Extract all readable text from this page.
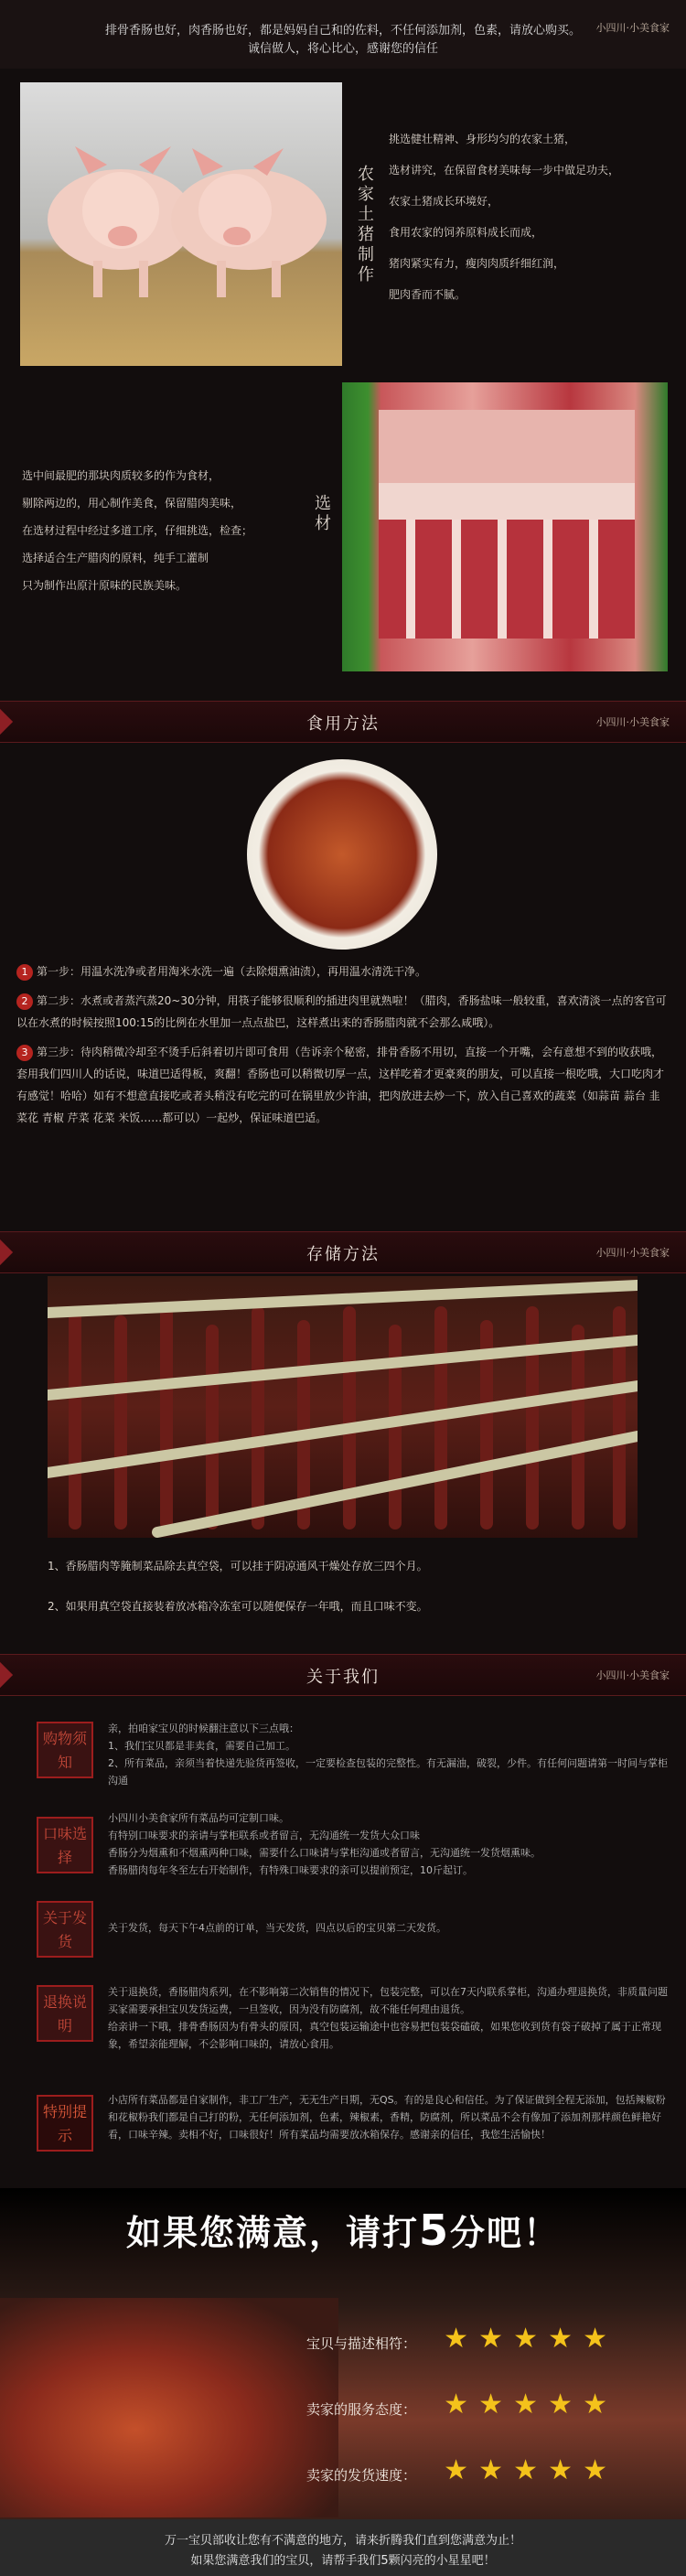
排骨香肠也好，肉香肠也好，都是妈妈自己和的佐料，不任何添加剂，色素，请放心购买。
诚信做人，将心比心，感谢您的信任
小四川·小美食家
农家土猪制作
挑选健壮精神、身形均匀的农家土猪，
选材讲究，在保留食材美味每一步中做足功夫，
农家土猪成长环境好，
食用农家的饲养原料成长而成，
猪肉紧实有力，瘦肉肉质纤细红润，
肥肉香而不腻。
选中间最肥的那块肉质较多的作为食材，
剔除两边的，用心制作美食，保留腊肉美味，
在选材过程中经过多道工序，仔细挑选，检查；
选择适合生产腊肉的原料，纯手工灌制
只为制作出原汁原味的民族美味。
选材
食用方法	小四川·小美食家
1 第一步：用温水洗净或者用淘米水洗一遍（去除烟熏油渍），再用温水清洗干净。
2 第二步：水煮或者蒸汽蒸20~30分钟，用筷子能够很顺利的插进肉里就熟啦！（腊肉，香肠盐味一般较重，喜欢清淡一点的客官可以在水煮的时候按照100:15的比例在水里加一点点盐巴，这样煮出来的香肠腊肉就不会那么咸哦）。
3 第三步：待肉稍微冷却至不烫手后斜着切片即可食用（告诉亲个秘密，排骨香肠不用切，直接一个开嘴，会有意想不到的收获哦，套用我们四川人的话说，味道巴适得板，爽翻！香肠也可以稍微切厚一点，这样吃着才更豪爽的朋友，可以直接一根吃哦，大口吃肉才有感觉！哈哈）如有不想意直接吃或者头稍没有吃完的可在锅里放少许油，把肉放进去炒一下，放入自己喜欢的蔬菜（如蒜苗 蒜台 韭菜花 青椒 芹菜 花菜 米饭……都可以）一起炒，保证味道巴适。
存储方法	小四川·小美食家
1、香肠腊肉等腌制菜品除去真空袋，可以挂于阴凉通风干燥处存放三四个月。
2、如果用真空袋直接装着放冰箱冷冻室可以随便保存一年哦，而且口味不变。
关于我们	小四川·小美食家
购物须知
亲，拍咱家宝贝的时候翻注意以下三点哦：
1、我们宝贝都是非卖食，需要自己加工。
2、所有菜品，亲须当着快递先验货再签收，一定要检查包装的完整性。有无漏油，破裂，少件。有任何问题请第一时间与掌柜沟通
口味选择
小四川小美食家所有菜品均可定制口味。
有特别口味要求的亲请与掌柜联系或者留言，无沟通统一发货大众口味
香肠分为烟熏和不烟熏两种口味，需要什么口味请与掌柜沟通或者留言，无沟通统一发货烟熏味。
香肠腊肉每年冬至左右开始制作，有特殊口味要求的亲可以提前预定，10斤起订。
关于发货
关于发货，每天下午4点前的订单，当天发货，四点以后的宝贝第二天发货。
退换说明
关于退换货，香肠腊肉系列，在不影响第二次销售的情况下，包装完整，可以在7天内联系掌柜，沟通办理退换货，非质量问题买家需要承担宝贝发货运费，一旦签收，因为没有防腐剂，故不能任何理由退货。
给亲讲一下哦，排骨香肠因为有骨头的原因，真空包装运输途中也容易把包装袋磕破，如果您收到货有袋子破掉了属于正常现象，希望亲能理解，不会影响口味的，请放心食用。
特别提示
小店所有菜品都是自家制作，非工厂生产，无无生产日期，无QS。有的是良心和信任。为了保证做到全程无添加，包括辣椒粉和花椒粉我们都是自己打的粉，无任何添加剂，色素，辣椒素，香精，防腐剂，所以菜品不会有像加了添加剂那样颜色鲜艳好看，口味辛辣。卖相不好，口味很好！所有菜品均需要放冰箱保存。感谢亲的信任，我您生活愉快！
如果您满意，请打5分吧！
宝贝与描述相符： ★ ★ ★ ★ ★
卖家的服务态度： ★ ★ ★ ★ ★
卖家的发货速度： ★ ★ ★ ★ ★
万一宝贝部收让您有不满意的地方，请来折腾我们直到您满意为止！
如果您满意我们的宝贝，请帮手我们5颗闪亮的小星星吧！
